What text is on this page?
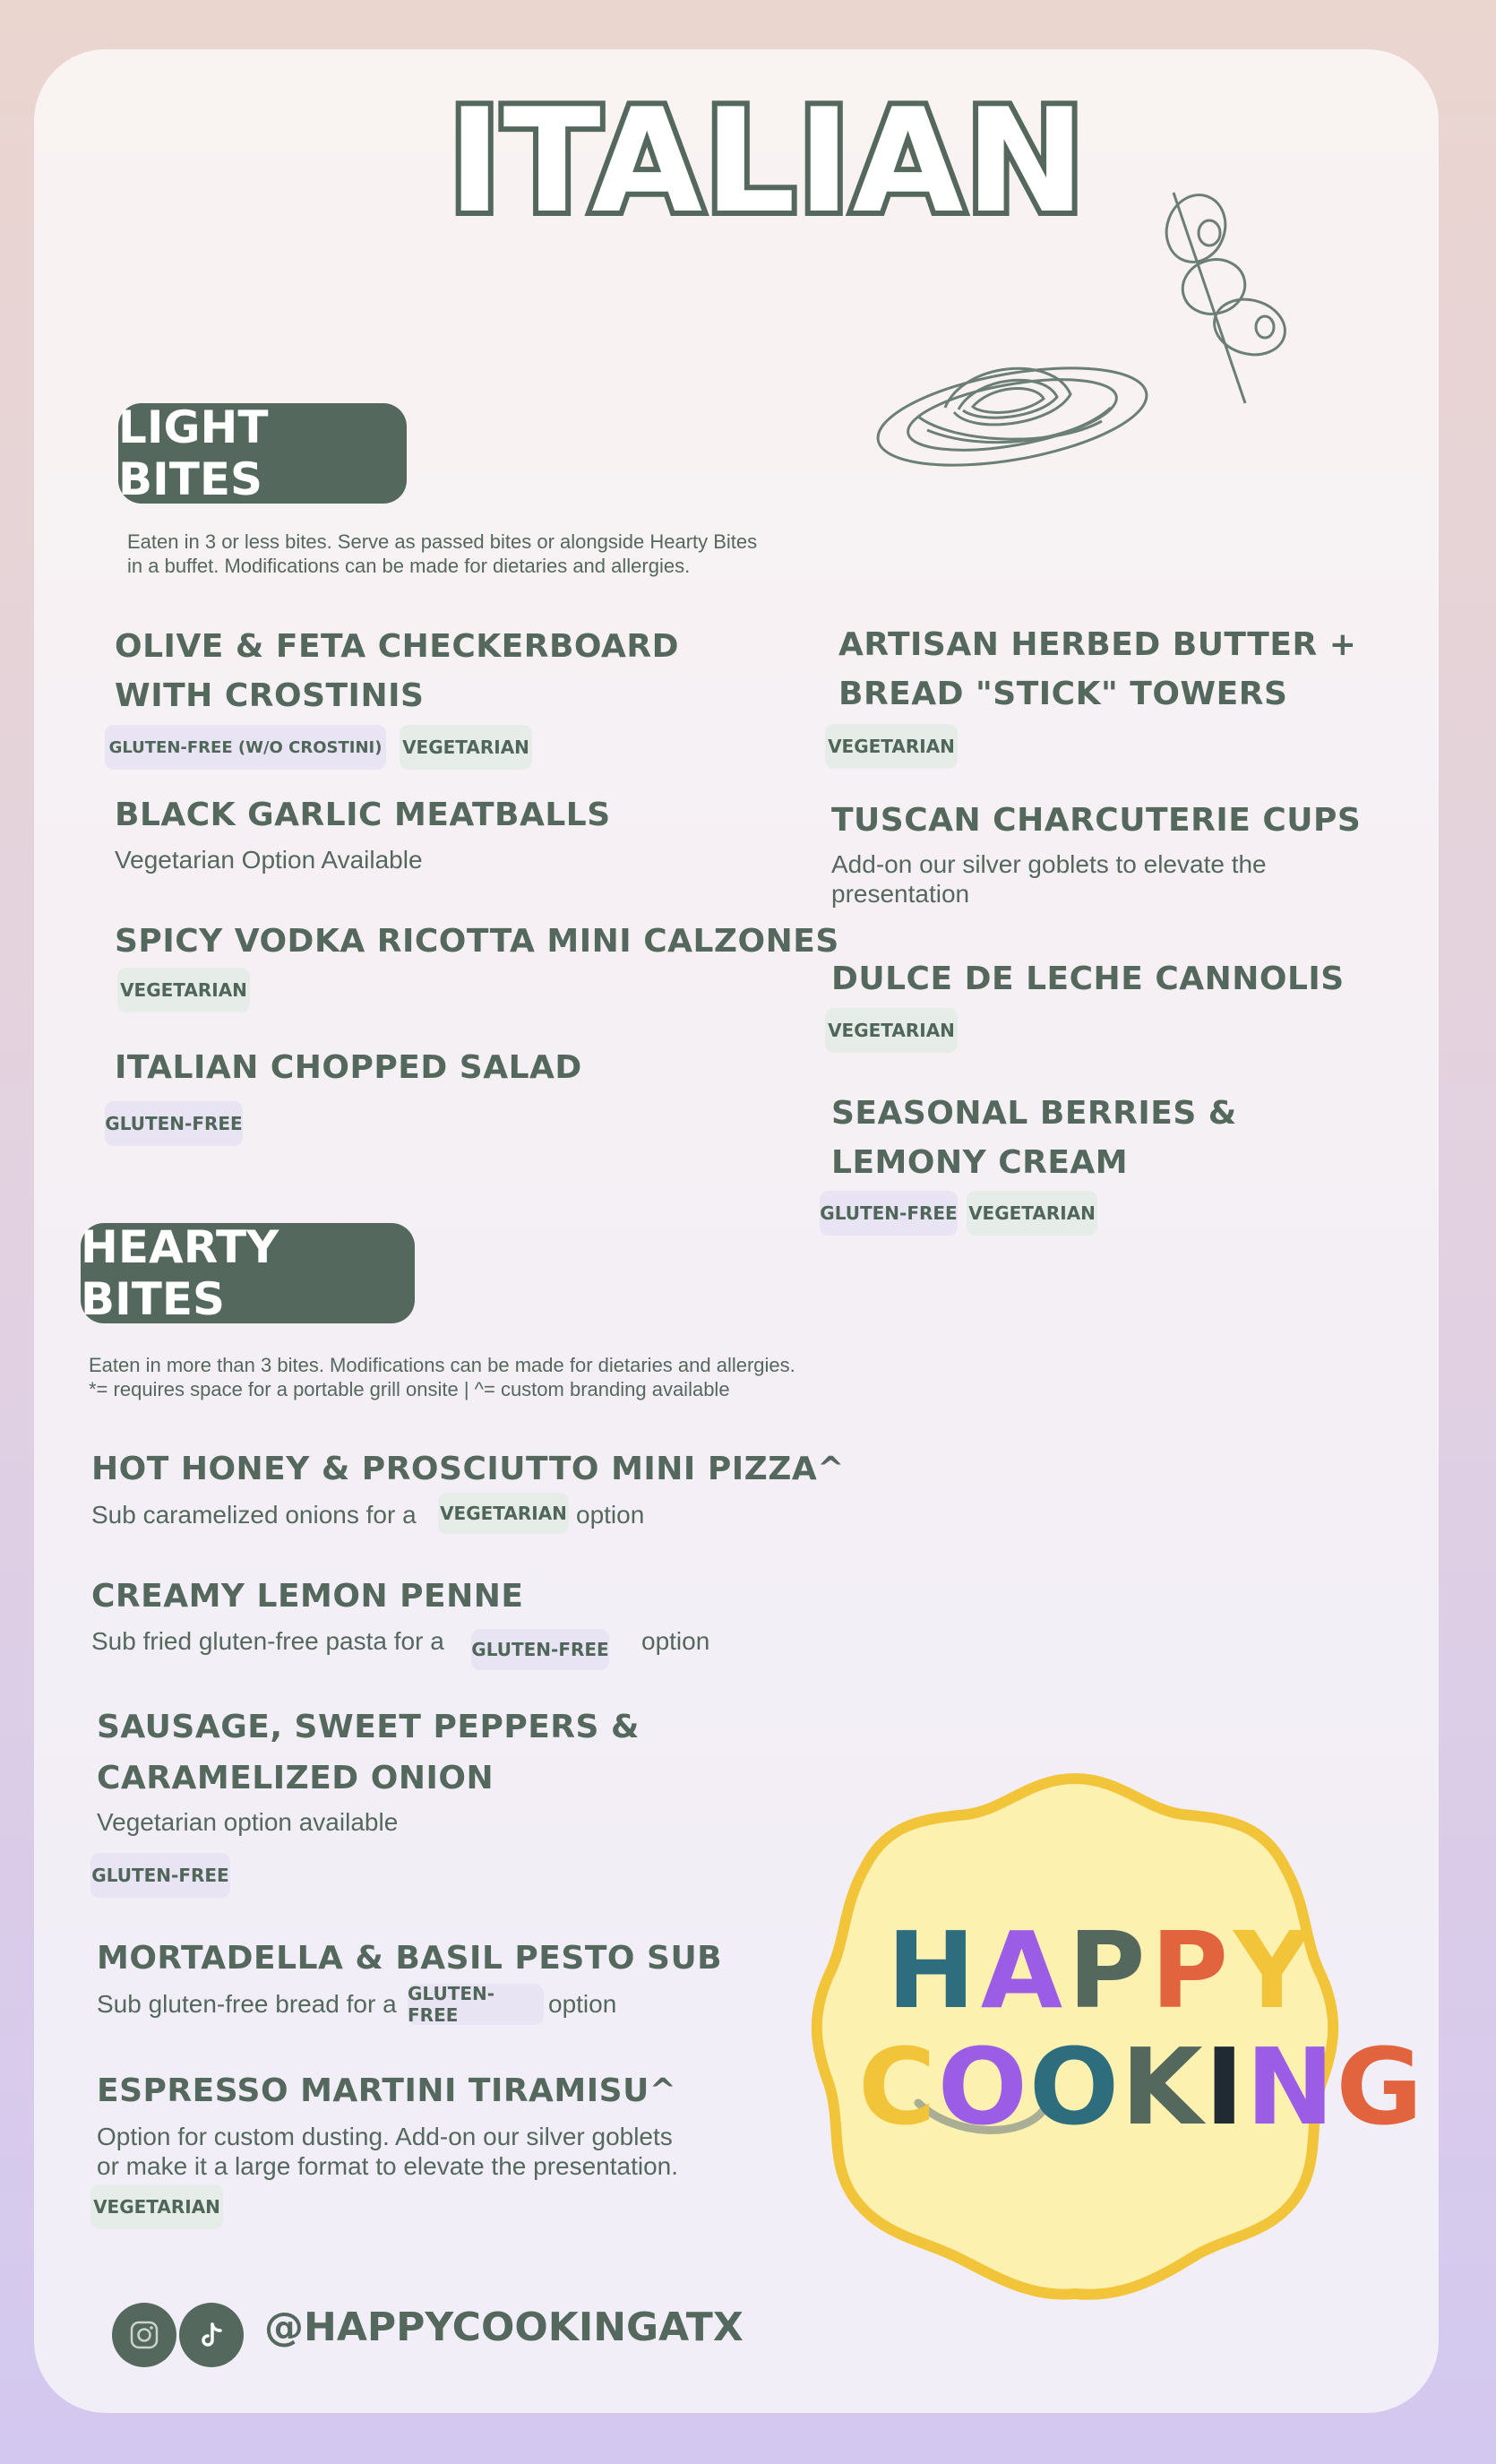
ITALIAN
LIGHT BITES
Eaten in 3 or less bites. Serve as passed bites or alongside Hearty Bites
in a buffet. Modifications can be made for dietaries and allergies.
OLIVE & FETA CHECKERBOARD
WITH CROSTINIS
GLUTEN-FREE (W/O CROSTINI) VEGETARIAN
BLACK GARLIC MEATBALLS
Vegetarian Option Available
SPICY VODKA RICOTTA MINI CALZONES
VEGETARIAN
ITALIAN CHOPPED SALAD
GLUTEN-FREE
ARTISAN HERBED BUTTER +
BREAD "STICK" TOWERS
VEGETARIAN
TUSCAN CHARCUTERIE CUPS
Add-on our silver goblets to elevate the
presentation
DULCE DE LECHE CANNOLIS
VEGETARIAN
SEASONAL BERRIES &
LEMONY CREAM
GLUTEN-FREE VEGETARIAN
HEARTY BITES
Eaten in more than 3 bites. Modifications can be made for dietaries and allergies.
*= requires space for a portable grill onsite | ^= custom branding available
HOT HONEY & PROSCIUTTO MINI PIZZA^
Sub caramelized onions for a VEGETARIAN option
CREAMY LEMON PENNE
Sub fried gluten-free pasta for a GLUTEN-FREE option
SAUSAGE, SWEET PEPPERS &
CARAMELIZED ONION
Vegetarian option available
GLUTEN-FREE
MORTADELLA & BASIL PESTO SUB
Sub gluten-free bread for a GLUTEN-FREE	option
ESPRESSO MARTINI TIRAMISU^
Option for custom dusting. Add-on our silver goblets
or make it a large format to elevate the presentation.
VEGETARIAN
HAPPY
COOKING
@HAPPYCOOKINGATX
